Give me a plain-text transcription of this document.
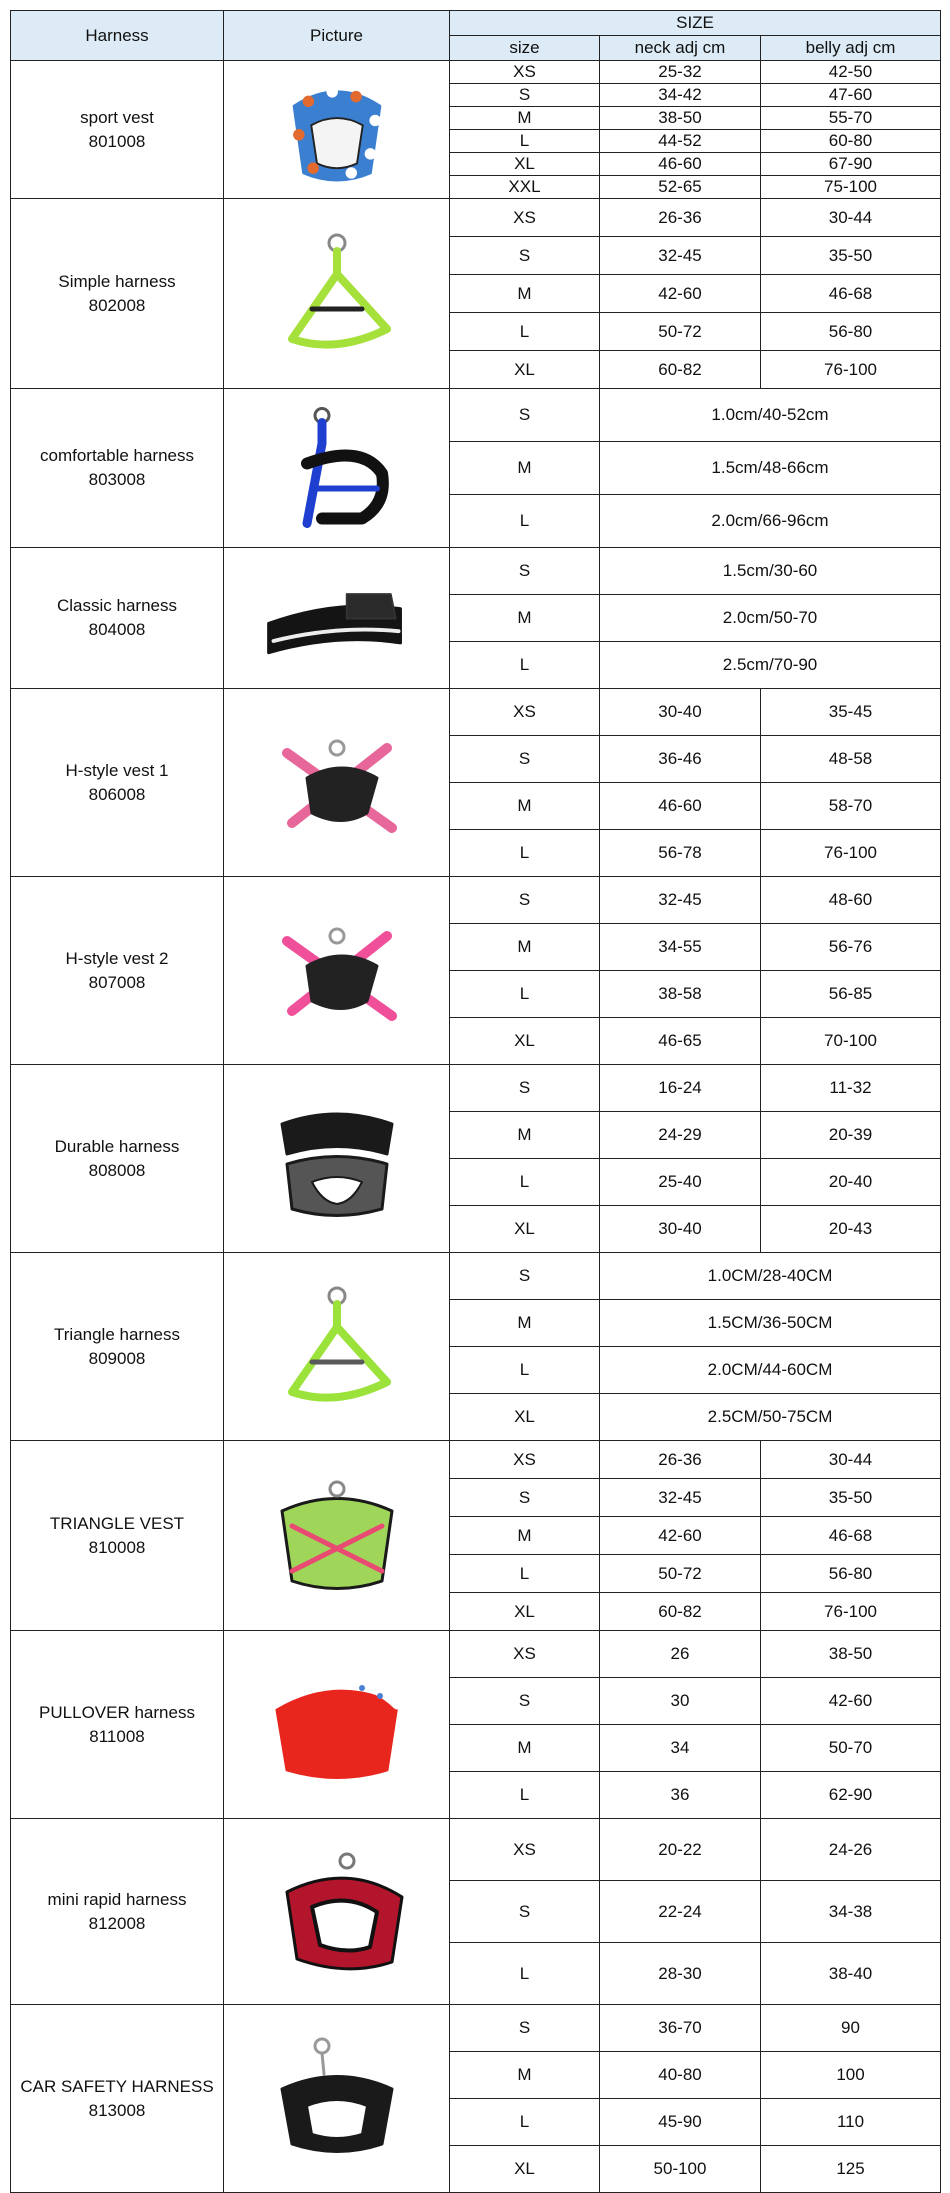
Harness	Picture	SIZE		
		size	neck adj cm	belly adj cm

sport vest
801008		XS	25-32	42-50
		S	34-42	47-60
		M	38-50	55-70
		L	44-52	60-80
		XL	46-60	67-90
		XXL	52-65	75-100

Simple harness
802008		XS	26-36	30-44
		S	32-45	35-50
		M	42-60	46-68
		L	50-72	56-80
		XL	60-82	76-100

comfortable harness
803008		S	1.0cm/40-52cm	
		M	1.5cm/48-66cm	
		L	2.0cm/66-96cm	

Classic harness
804008		S	1.5cm/30-60	
		M	2.0cm/50-70	
		L	2.5cm/70-90	

H-style vest 1
806008		XS	30-40	35-45
		S	36-46	48-58
		M	46-60	58-70
		L	56-78	76-100

H-style vest 2
807008		S	32-45	48-60
		M	34-55	56-76
		L	38-58	56-85
		XL	46-65	70-100

Durable harness
808008		S	16-24	11-32
		M	24-29	20-39
		L	25-40	20-40
		XL	30-40	20-43

Triangle harness
809008		S	1.0CM/28-40CM	
		M	1.5CM/36-50CM	
		L	2.0CM/44-60CM	
		XL	2.5CM/50-75CM	

TRIANGLE VEST
810008		XS	26-36	30-44
		S	32-45	35-50
		M	42-60	46-68
		L	50-72	56-80
		XL	60-82	76-100

PULLOVER harness
811008		XS	26	38-50
		S	30	42-60
		M	34	50-70
		L	36	62-90

mini rapid harness
812008		XS	20-22	24-26
		S	22-24	34-38
		L	28-30	38-40

CAR SAFETY HARNESS
813008		S	36-70	90
		M	40-80	100
		L	45-90	110
		XL	50-100	125
